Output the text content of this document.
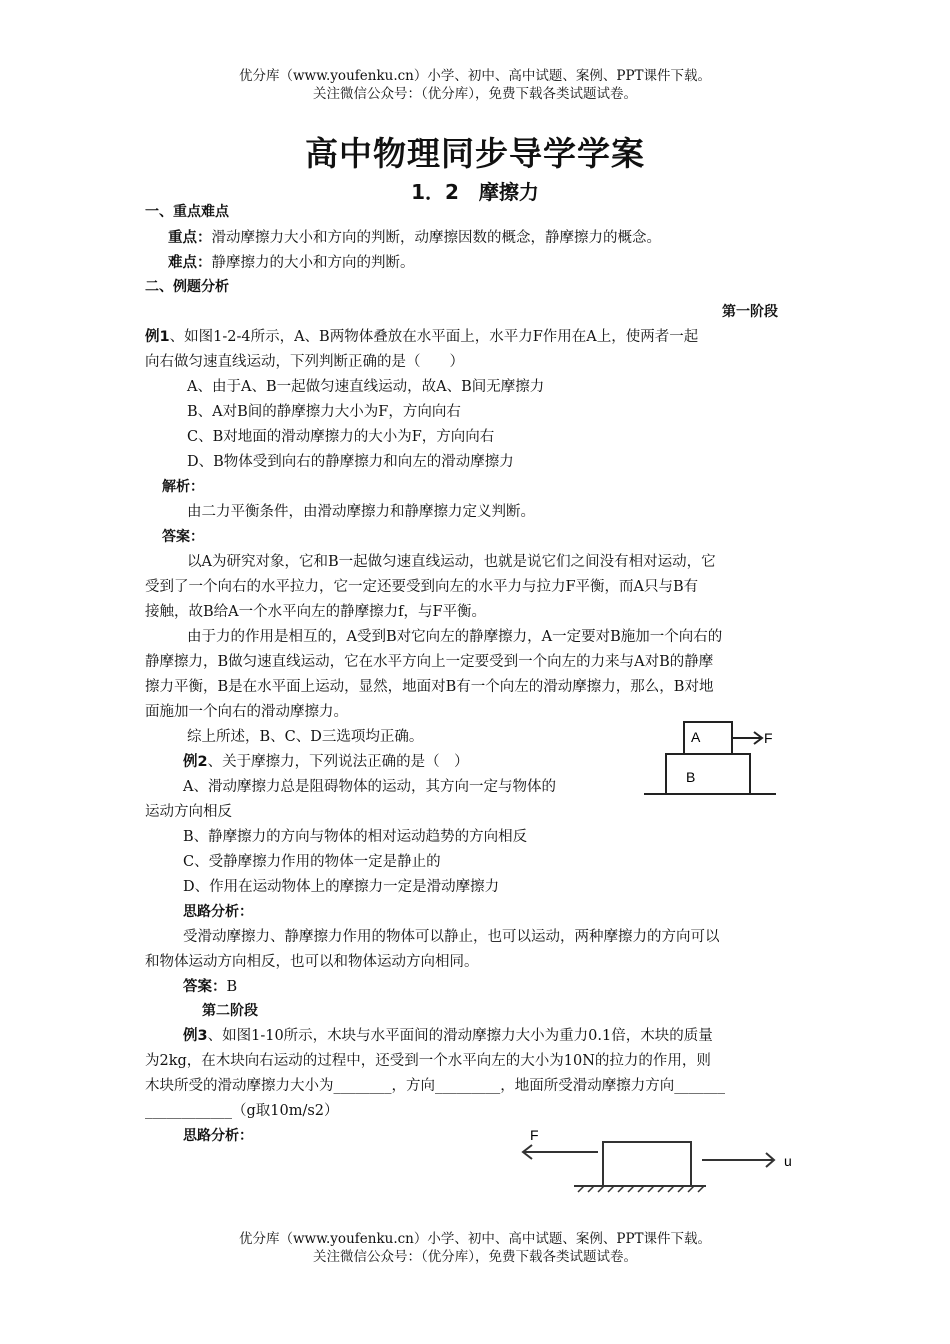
优分库（www.youfenku.cn）小学、初中、高中试题、案例、PPT课件下载。
关注微信公众号：（优分库），免费下载各类试题试卷。
高中物理同步导学学案
1．2　摩擦力
一、重点难点
重点：滑动摩擦力大小和方向的判断，动摩擦因数的概念，静摩擦力的概念。
难点：静摩擦力的大小和方向的判断。
二、例题分析
第一阶段
例1、如图1-2-4所示，A、B两物体叠放在水平面上，水平力F作用在A上，使两者一起
向右做匀速直线运动，下列判断正确的是（　　）
A、由于A、B一起做匀速直线运动，故A、B间无摩擦力
B、A对B间的静摩擦力大小为F，方向向右
C、B对地面的滑动摩擦力的大小为F，方向向右
D、B物体受到向右的静摩擦力和向左的滑动摩擦力
解析：
由二力平衡条件，由滑动摩擦力和静摩擦力定义判断。
答案：
以A为研究对象，它和B一起做匀速直线运动，也就是说它们之间没有相对运动，它
受到了一个向右的水平拉力，它一定还要受到向左的水平力与拉力F平衡，而A只与B有
接触，故B给A一个水平向左的静摩擦力f，与F平衡。
由于力的作用是相互的，A受到B对它向左的静摩擦力，A一定要对B施加一个向右的
静摩擦力，B做匀速直线运动，它在水平方向上一定要受到一个向左的力来与A对B的静摩
擦力平衡，B是在水平面上运动，显然，地面对B有一个向左的滑动摩擦力，那么，B对地
面施加一个向右的滑动摩擦力。
综上所述，B、C、D三选项均正确。	A
B
F
例2、关于摩擦力，下列说法正确的是（　）
A、滑动摩擦力总是阻碍物体的运动，其方向一定与物体的
运动方向相反
B、静摩擦力的方向与物体的相对运动趋势的方向相反
C、受静摩擦力作用的物体一定是静止的
D、作用在运动物体上的摩擦力一定是滑动摩擦力
思路分析：
受滑动摩擦力、静摩擦力作用的物体可以静止，也可以运动，两种摩擦力的方向可以
和物体运动方向相反，也可以和物体运动方向相同。
答案：B
第二阶段
例3、如图1-10所示，木块与水平面间的滑动摩擦力大小为重力0.1倍，木块的质量
为2kg，在木块向右运动的过程中，还受到一个水平向左的大小为10N的拉力的作用，则
木块所受的滑动摩擦力大小为________，方向_________，地面所受滑动摩擦力方向_______
____________（g取10m/s2）
思路分析：	F
u
优分库（www.youfenku.cn）小学、初中、高中试题、案例、PPT课件下载。
关注微信公众号：（优分库），免费下载各类试题试卷。
